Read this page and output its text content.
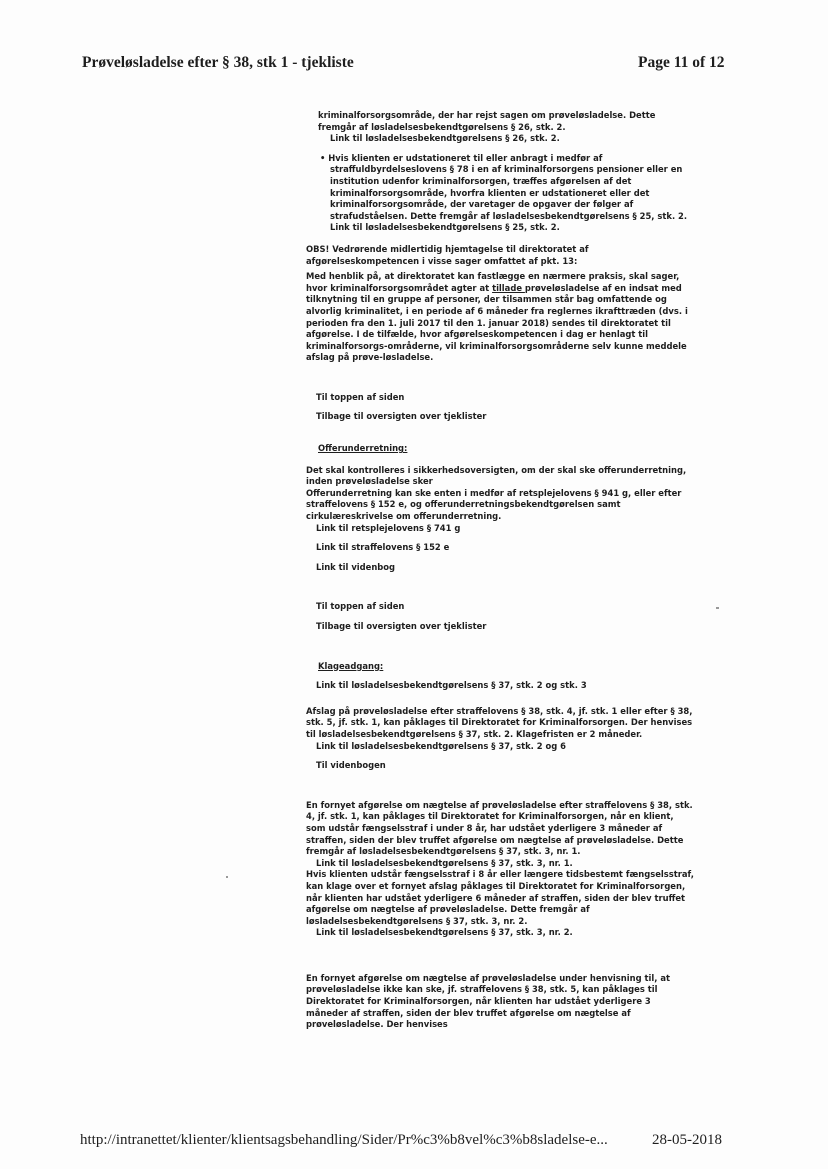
Prøveløsladelse efter § 38, stk 1 - tjekliste	Page 11 of 12

kriminalforsorgsområde, der har rejst sagen om prøveløsladelse. Dette fremgår af løsladelsesbekendtgørelsens § 26, stk. 2.

Link til løsladelsesbekendtgørelsens § 26, stk. 2.

• Hvis klienten er udstationeret til eller anbragt i medfør af straffuldbyrdelseslovens § 78 i en af kriminalforsorgens pensioner eller en institution udenfor kriminalforsorgen, træffes afgørelsen af det kriminalforsorgsområde, hvorfra klienten er udstationeret eller det kriminalforsorgsområde, der varetager de opgaver der følger af strafudståelsen. Dette fremgår af løsladelsesbekendtgørelsens § 25, stk. 2.

Link til løsladelsesbekendtgørelsens § 25, stk. 2.

OBS! Vedrørende midlertidig hjemtagelse til direktoratet af afgørelseskompetencen i visse sager omfattet af pkt. 13:

Med henblik på, at direktoratet kan fastlægge en nærmere praksis, skal sager, hvor kriminalforsorgsområdet agter at tillade prøveløsladelse af en indsat med tilknytning til en gruppe af personer, der tilsammen står bag omfattende og alvorlig kriminalitet, i en periode af 6 måneder fra reglernes ikrafttræden (dvs. i perioden fra den 1. juli 2017 til den 1. januar 2018) sendes til direktoratet til afgørelse. I de tilfælde, hvor afgørelseskompetencen i dag er henlagt til kriminalforsorgs-områderne, vil kriminalforsorgsområderne selv kunne meddele afslag på prøve-løsladelse.

Til toppen af siden

Tilbage til oversigten over tjeklister

Offerunderretning:

Det skal kontrolleres i sikkerhedsoversigten, om der skal ske offerunderretning, inden prøveløsladelse sker

Offerunderretning kan ske enten i medfør af retsplejelovens § 941 g, eller efter straffelovens § 152 e, og offerunderretningsbekendtgørelsen samt cirkulæreskrivelse om offerunderretning.

Link til retsplejelovens § 741 g

Link til straffelovens § 152 e

Link til videnbog

Til toppen af siden

Tilbage til oversigten over tjeklister

Klageadgang:

Link til løsladelsesbekendtgørelsens § 37, stk. 2 og stk. 3

Afslag på prøveløsladelse efter straffelovens § 38, stk. 4, jf. stk. 1 eller efter § 38, stk. 5, jf. stk. 1, kan påklages til Direktoratet for Kriminalforsorgen. Der henvises til løsladelsesbekendtgørelsens § 37, stk. 2. Klagefristen er 2 måneder.

Link til løsladelsesbekendtgørelsens § 37, stk. 2 og 6

Til videnbogen

En fornyet afgørelse om nægtelse af prøveløsladelse efter straffelovens § 38, stk. 4, jf. stk. 1, kan påklages til Direktoratet for Kriminalforsorgen, når en klient, som udstår fængselsstraf i under 8 år, har udstået yderligere 3 måneder af straffen, siden der blev truffet afgørelse om nægtelse af prøveløsladelse. Dette fremgår af løsladelsesbekendtgørelsens § 37, stk. 3, nr. 1.

Link til løsladelsesbekendtgørelsens § 37, stk. 3, nr. 1.

Hvis klienten udstår fængselsstraf i 8 år eller længere tidsbestemt fængselsstraf, kan klage over et fornyet afslag påklages til Direktoratet for Kriminalforsorgen, når klienten har udstået yderligere 6 måneder af straffen, siden der blev truffet afgørelse om nægtelse af prøveløsladelse. Dette fremgår af løsladelsesbekendtgørelsens § 37, stk. 3, nr. 2.

Link til løsladelsesbekendtgørelsens § 37, stk. 3, nr. 2.

En fornyet afgørelse om nægtelse af prøveløsladelse under henvisning til, at prøveløsladelse ikke kan ske, jf. straffelovens § 38, stk. 5, kan påklages til Direktoratet for Kriminalforsorgen, når klienten har udstået yderligere 3 måneder af straffen, siden der blev truffet afgørelse om nægtelse af prøveløsladelse. Der henvises

http://intranettet/klienter/klientsagsbehandling/Sider/Pr%c3%b8vel%c3%b8sladelse-e...	28-05-2018
